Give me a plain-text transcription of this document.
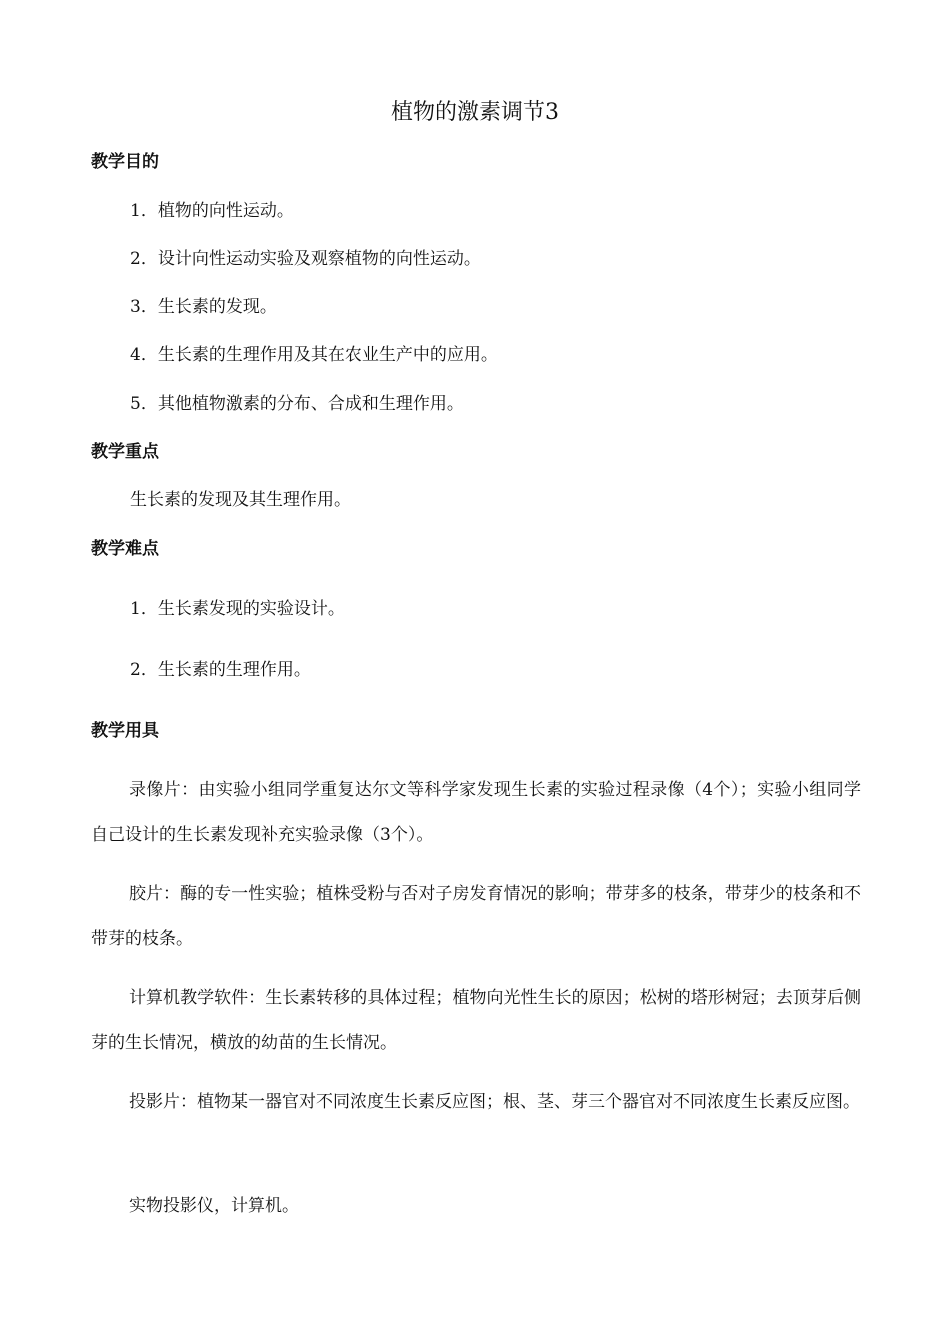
植物的激素调节3
教学目的
1．植物的向性运动。
2．设计向性运动实验及观察植物的向性运动。
3．生长素的发现。
4．生长素的生理作用及其在农业生产中的应用。
5．其他植物激素的分布、合成和生理作用。
教学重点
生长素的发现及其生理作用。
教学难点
1．生长素发现的实验设计。
2．生长素的生理作用。
教学用具
录像片：由实验小组同学重复达尔文等科学家发现生长素的实验过程录像（4个）；实验小组同学自己设计的生长素发现补充实验录像（3个）。
胶片：酶的专一性实验；植株受粉与否对子房发育情况的影响；带芽多的枝条，带芽少的枝条和不带芽的枝条。
计算机教学软件：生长素转移的具体过程；植物向光性生长的原因；松树的塔形树冠；去顶芽后侧芽的生长情况，横放的幼苗的生长情况。
投影片：植物某一器官对不同浓度生长素反应图；根、茎、芽三个器官对不同浓度生长素反应图。
实物投影仪，计算机。
